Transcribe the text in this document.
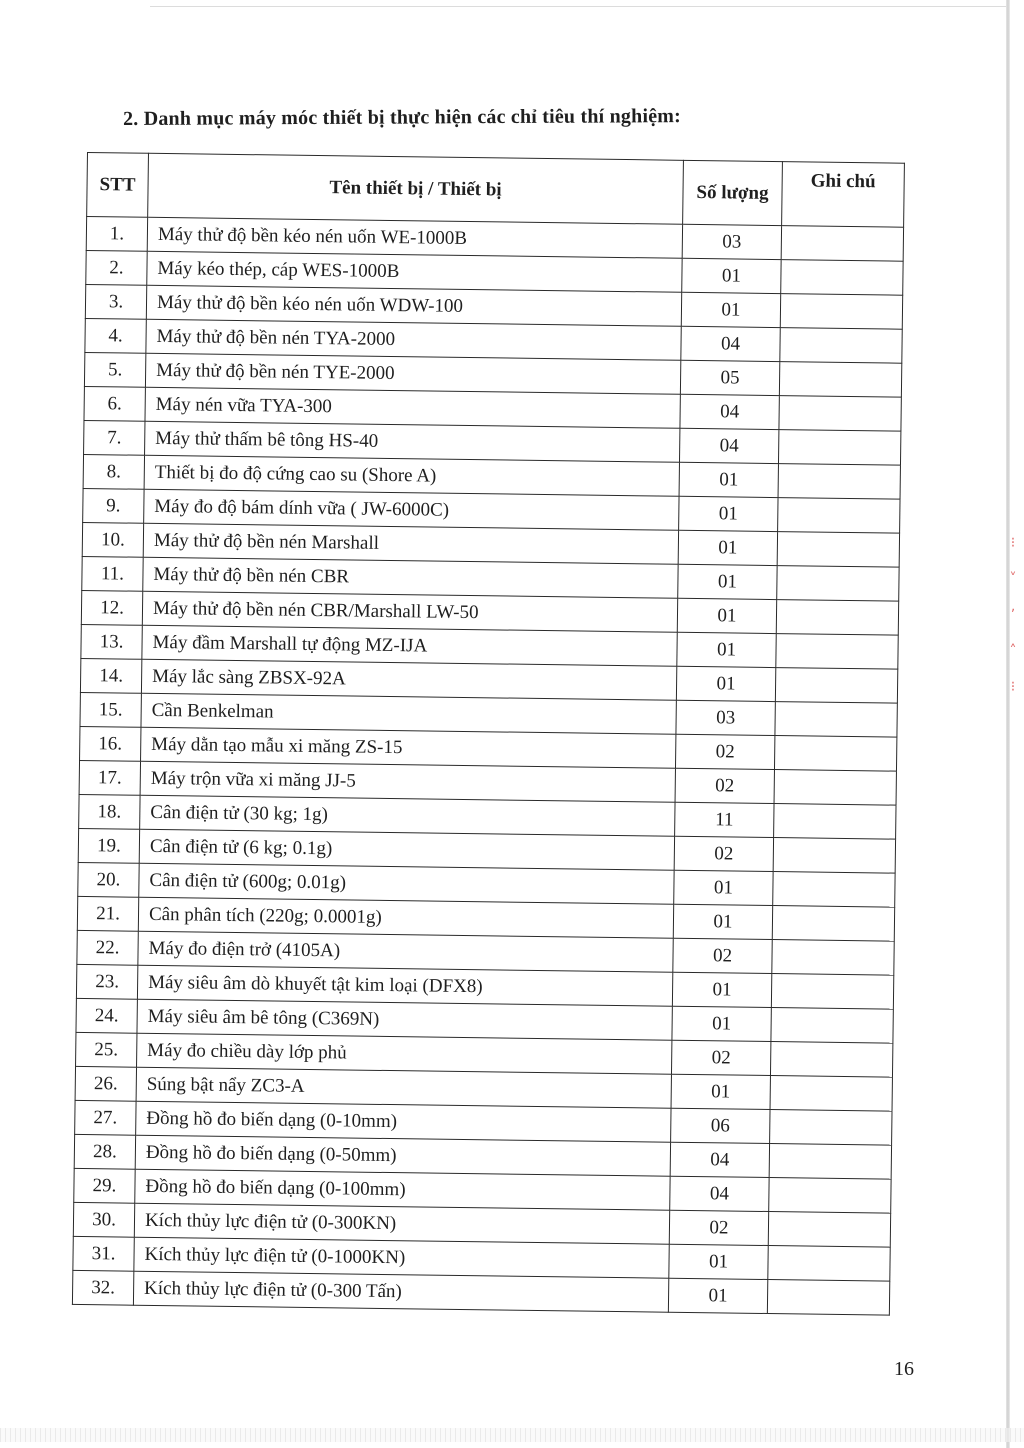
⁝
˅
ʼ
˄
⁝
2. Danh mục máy móc thiết bị thực hiện các chỉ tiêu thí nghiệm:
STT	Tên thiết bị / Thiết bị	Số lượng	Ghi chú
1.	Máy thử độ bền kéo nén uốn WE-1000B	03	
2.	Máy kéo thép, cáp WES-1000B	01	
3.	Máy thử độ bền kéo nén uốn WDW-100	01	
4.	Máy thử độ bền nén TYA-2000	04	
5.	Máy thử độ bền nén TYE-2000	05	
6.	Máy nén vữa TYA-300	04	
7.	Máy thử thấm bê tông HS-40	04	
8.	Thiết bị đo độ cứng cao su (Shore A)	01	
9.	Máy đo độ bám dính vữa ( JW-6000C)	01	
10.	Máy thử độ bền nén Marshall	01	
11.	Máy thử độ bền nén CBR	01	
12.	Máy thử độ bền nén CBR/Marshall LW-50	01	
13.	Máy đầm Marshall tự động MZ-IJA	01	
14.	Máy lắc sàng ZBSX-92A	01	
15.	Cần Benkelman	03	
16.	Máy dằn tạo mẫu xi măng ZS-15	02	
17.	Máy trộn vữa xi măng JJ-5	02	
18.	Cân điện tử (30 kg; 1g)	11	
19.	Cân điện tử (6 kg; 0.1g)	02	
20.	Cân điện tử (600g; 0.01g)	01	
21.	Cân phân tích (220g; 0.0001g)	01	
22.	Máy đo điện trở (4105A)	02	
23.	Máy siêu âm dò khuyết tật kim loại (DFX8)	01	
24.	Máy siêu âm bê tông (C369N)	01	
25.	Máy đo chiều dày lớp phủ	02	
26.	Súng bật nẩy ZC3-A	01	
27.	Đồng hồ đo biến dạng (0-10mm)	06	
28.	Đồng hồ đo biến dạng (0-50mm)	04	
29.	Đồng hồ đo biến dạng (0-100mm)	04	
30.	Kích thủy lực điện tử (0-300KN)	02	
31.	Kích thủy lực điện tử (0-1000KN)	01	
32.	Kích thủy lực điện tử (0-300 Tấn)	01	
16
